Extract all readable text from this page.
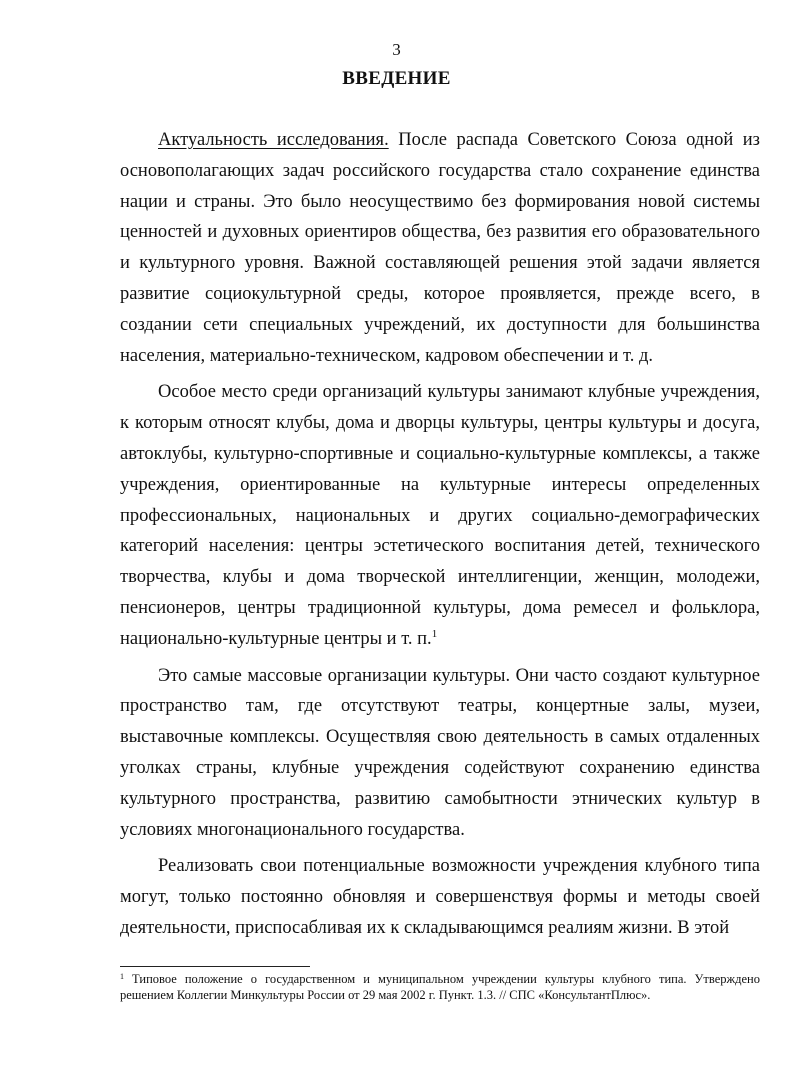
3
ВВЕДЕНИЕ

Актуальность исследования. После распада Советского Союза одной из основополагающих задач российского государства стало сохранение единства нации и страны. Это было неосуществимо без формирования новой системы ценностей и духовных ориентиров общества, без развития его образовательного и культурного уровня. Важной составляющей решения этой задачи является развитие социокультурной среды, которое проявляется, прежде всего, в создании сети специальных учреждений, их доступности для большинства населения, материально-техническом, кадровом обеспечении и т. д.

Особое место среди организаций культуры занимают клубные учреждения, к которым относят клубы, дома и дворцы культуры, центры культуры и досуга, автоклубы, культурно-спортивные и социально-культурные комплексы, а также учреждения, ориентированные на культурные интересы определенных профессиональных, национальных и других социально-демографических категорий населения: центры эстетического воспитания детей, технического творчества, клубы и дома творческой интеллигенции, женщин, молодежи, пенсионеров, центры традиционной культуры, дома ремесел и фольклора, национально-культурные центры и т. п.$^1$

Это самые массовые организации культуры. Они часто создают культурное пространство там, где отсутствуют театры, концертные залы, музеи, выставочные комплексы. Осуществляя свою деятельность в самых отдаленных уголках страны, клубные учреждения содействуют сохранению единства культурного пространства, развитию самобытности этнических культур в условиях многонационального государства.

Реализовать свои потенциальные возможности учреждения клубного типа могут, только постоянно обновляя и совершенствуя формы и методы своей деятельности, приспосабливая их к складывающимся реалиям жизни. В этой

$^1$ Типовое положение о государственном и муниципальном учреждении культуры клубного типа. Утверждено решением Коллегии Минкультуры России от 29 мая 2002 г. Пункт. 1.3. // СПС «КонсультантПлюс».
